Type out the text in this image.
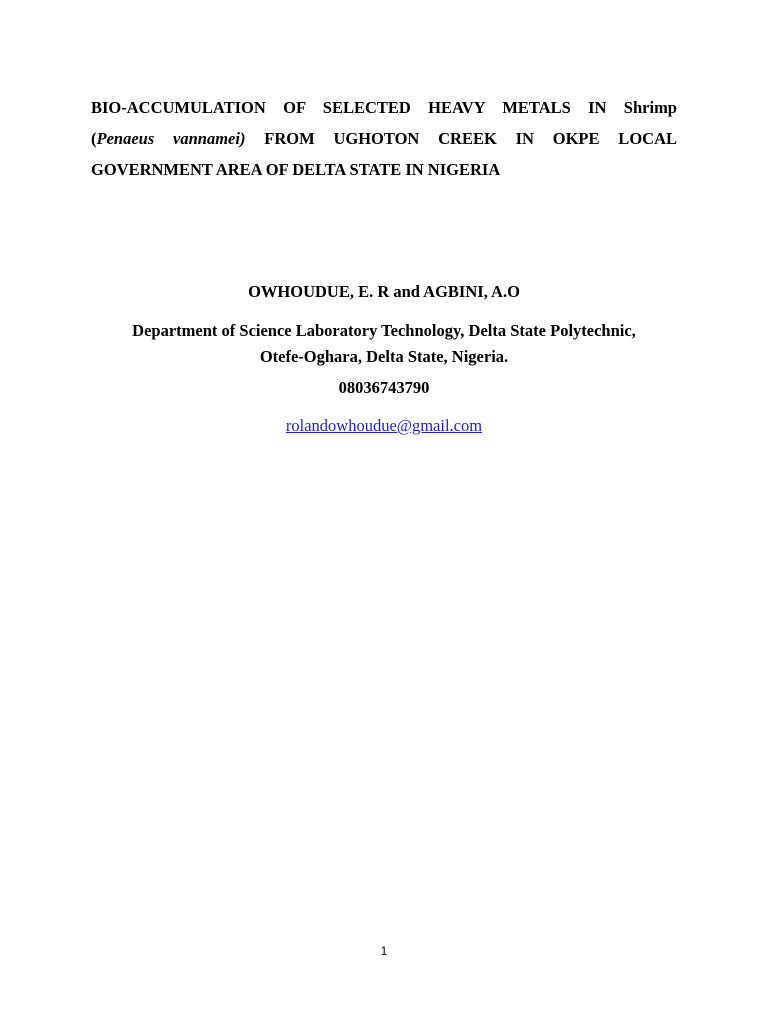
BIO-ACCUMULATION OF SELECTED HEAVY METALS IN Shrimp
(Penaeus vannamei) FROM UGHOTON CREEK IN OKPE LOCAL
GOVERNMENT AREA OF DELTA STATE IN NIGERIA

OWHOUDUE, E. R and AGBINI, A.O

Department of Science Laboratory Technology, Delta State Polytechnic,
Otefe-Oghara, Delta State, Nigeria.

08036743790

rolandowhoudue@gmail.com

1
